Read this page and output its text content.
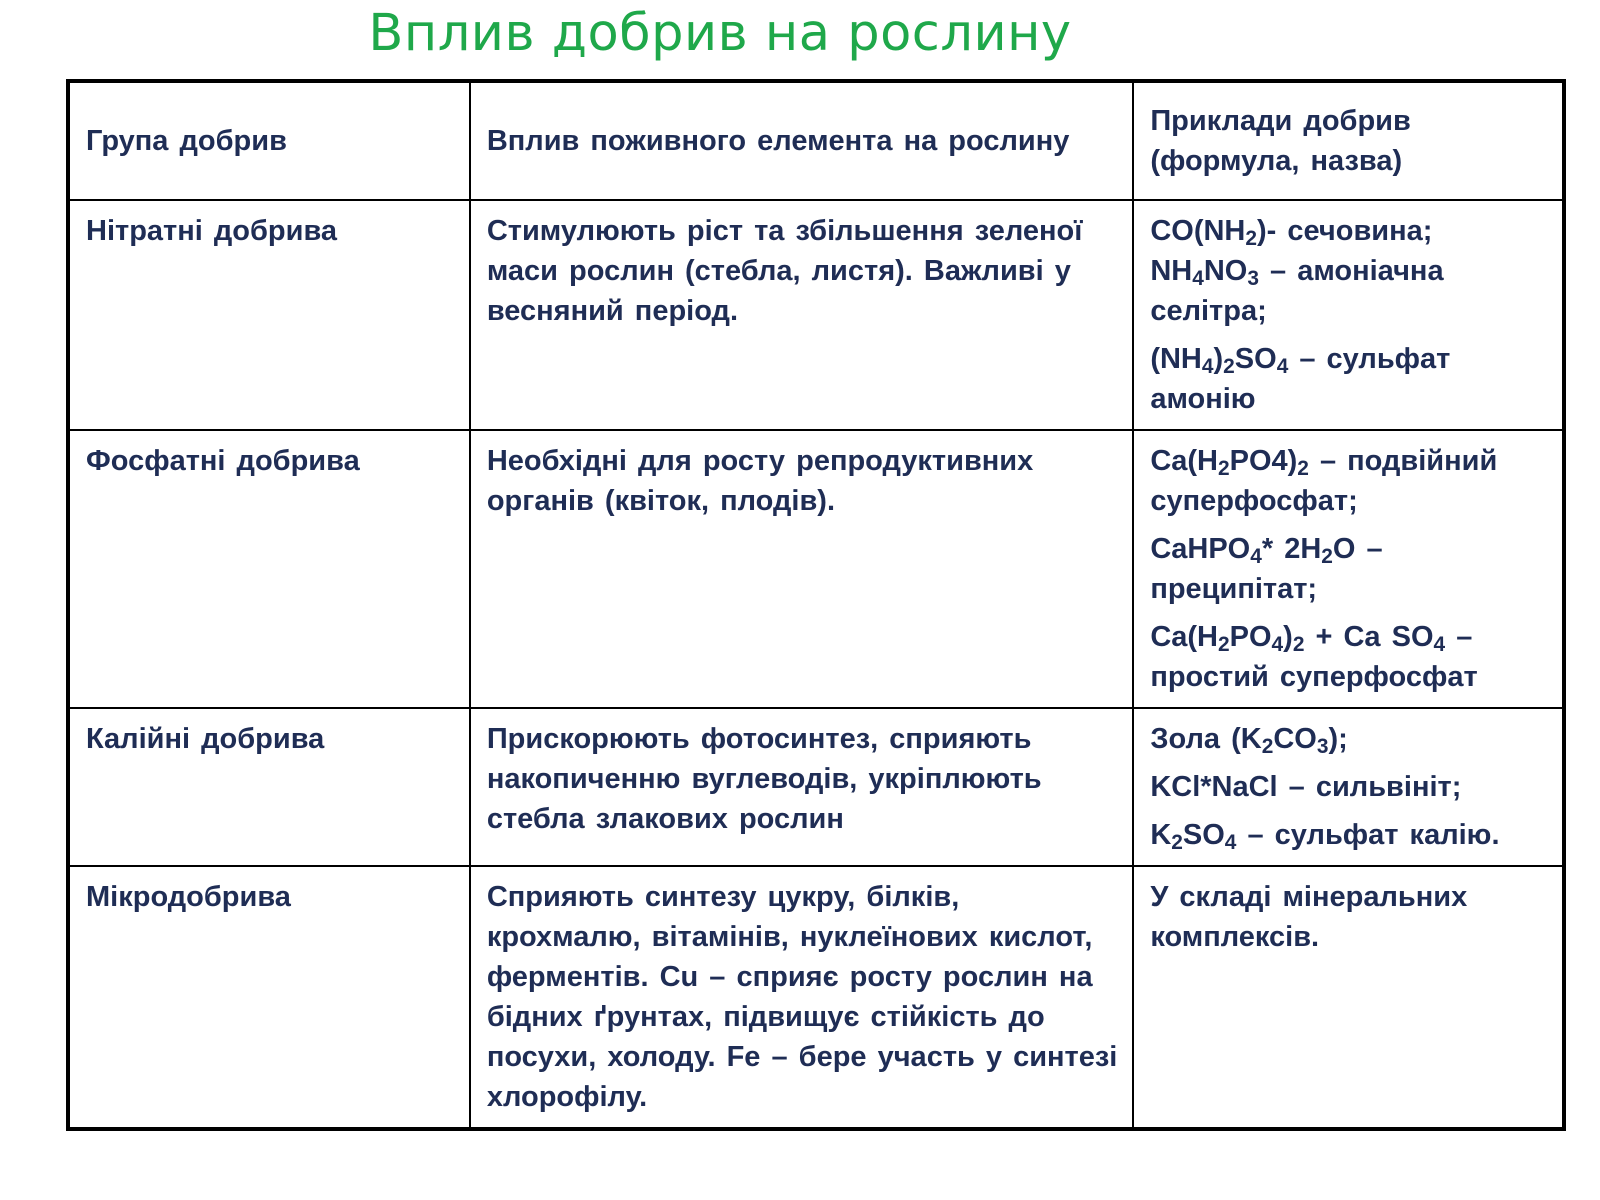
Вплив добрив на рослину
Група добрив	Вплив поживного елемента на рослину	Приклади добрив (формула, назва)
Нітратні добрива	Стимулюють ріст та збільшення зеленої маси рослин (стебла, листя). Важливі у весняний період.	$CO(NH_2)-$ сечовина; $NH_4NO_3$ – амоніачна селітра;
$(NH_4)_2SO_4$ – сульфат амонію

Фосфатні добрива	Необхідні для росту репродуктивних органів (квіток, плодів).	$Ca(H_2PO4)_2$ – подвійний суперфосфат;
CaHPO$_4$* $2H_2O$ – преципітат;
$Ca(H_2PO_4)_2 + Ca$ $SO_4$ – простий суперфосфат

Калійні добрива	Прискорюють фотосинтез, сприяють накопиченню вуглеводів, укріплюють стебла злакових рослин	Зола $(K_2CO_3)$;
KCl*NaCl – сильвініт;
$K_2SO_4$ – сульфат калію.

Мікродобрива	Сприяють синтезу цукру, білків, крохмалю, вітамінів, нуклеїнових кислот, ферментів. Cu – сприяє росту рослин на бідних ґрунтах, підвищує стійкість до посухи, холоду. Fe – бере участь у синтезі хлорофілу.	У складі мінеральних комплексів.
